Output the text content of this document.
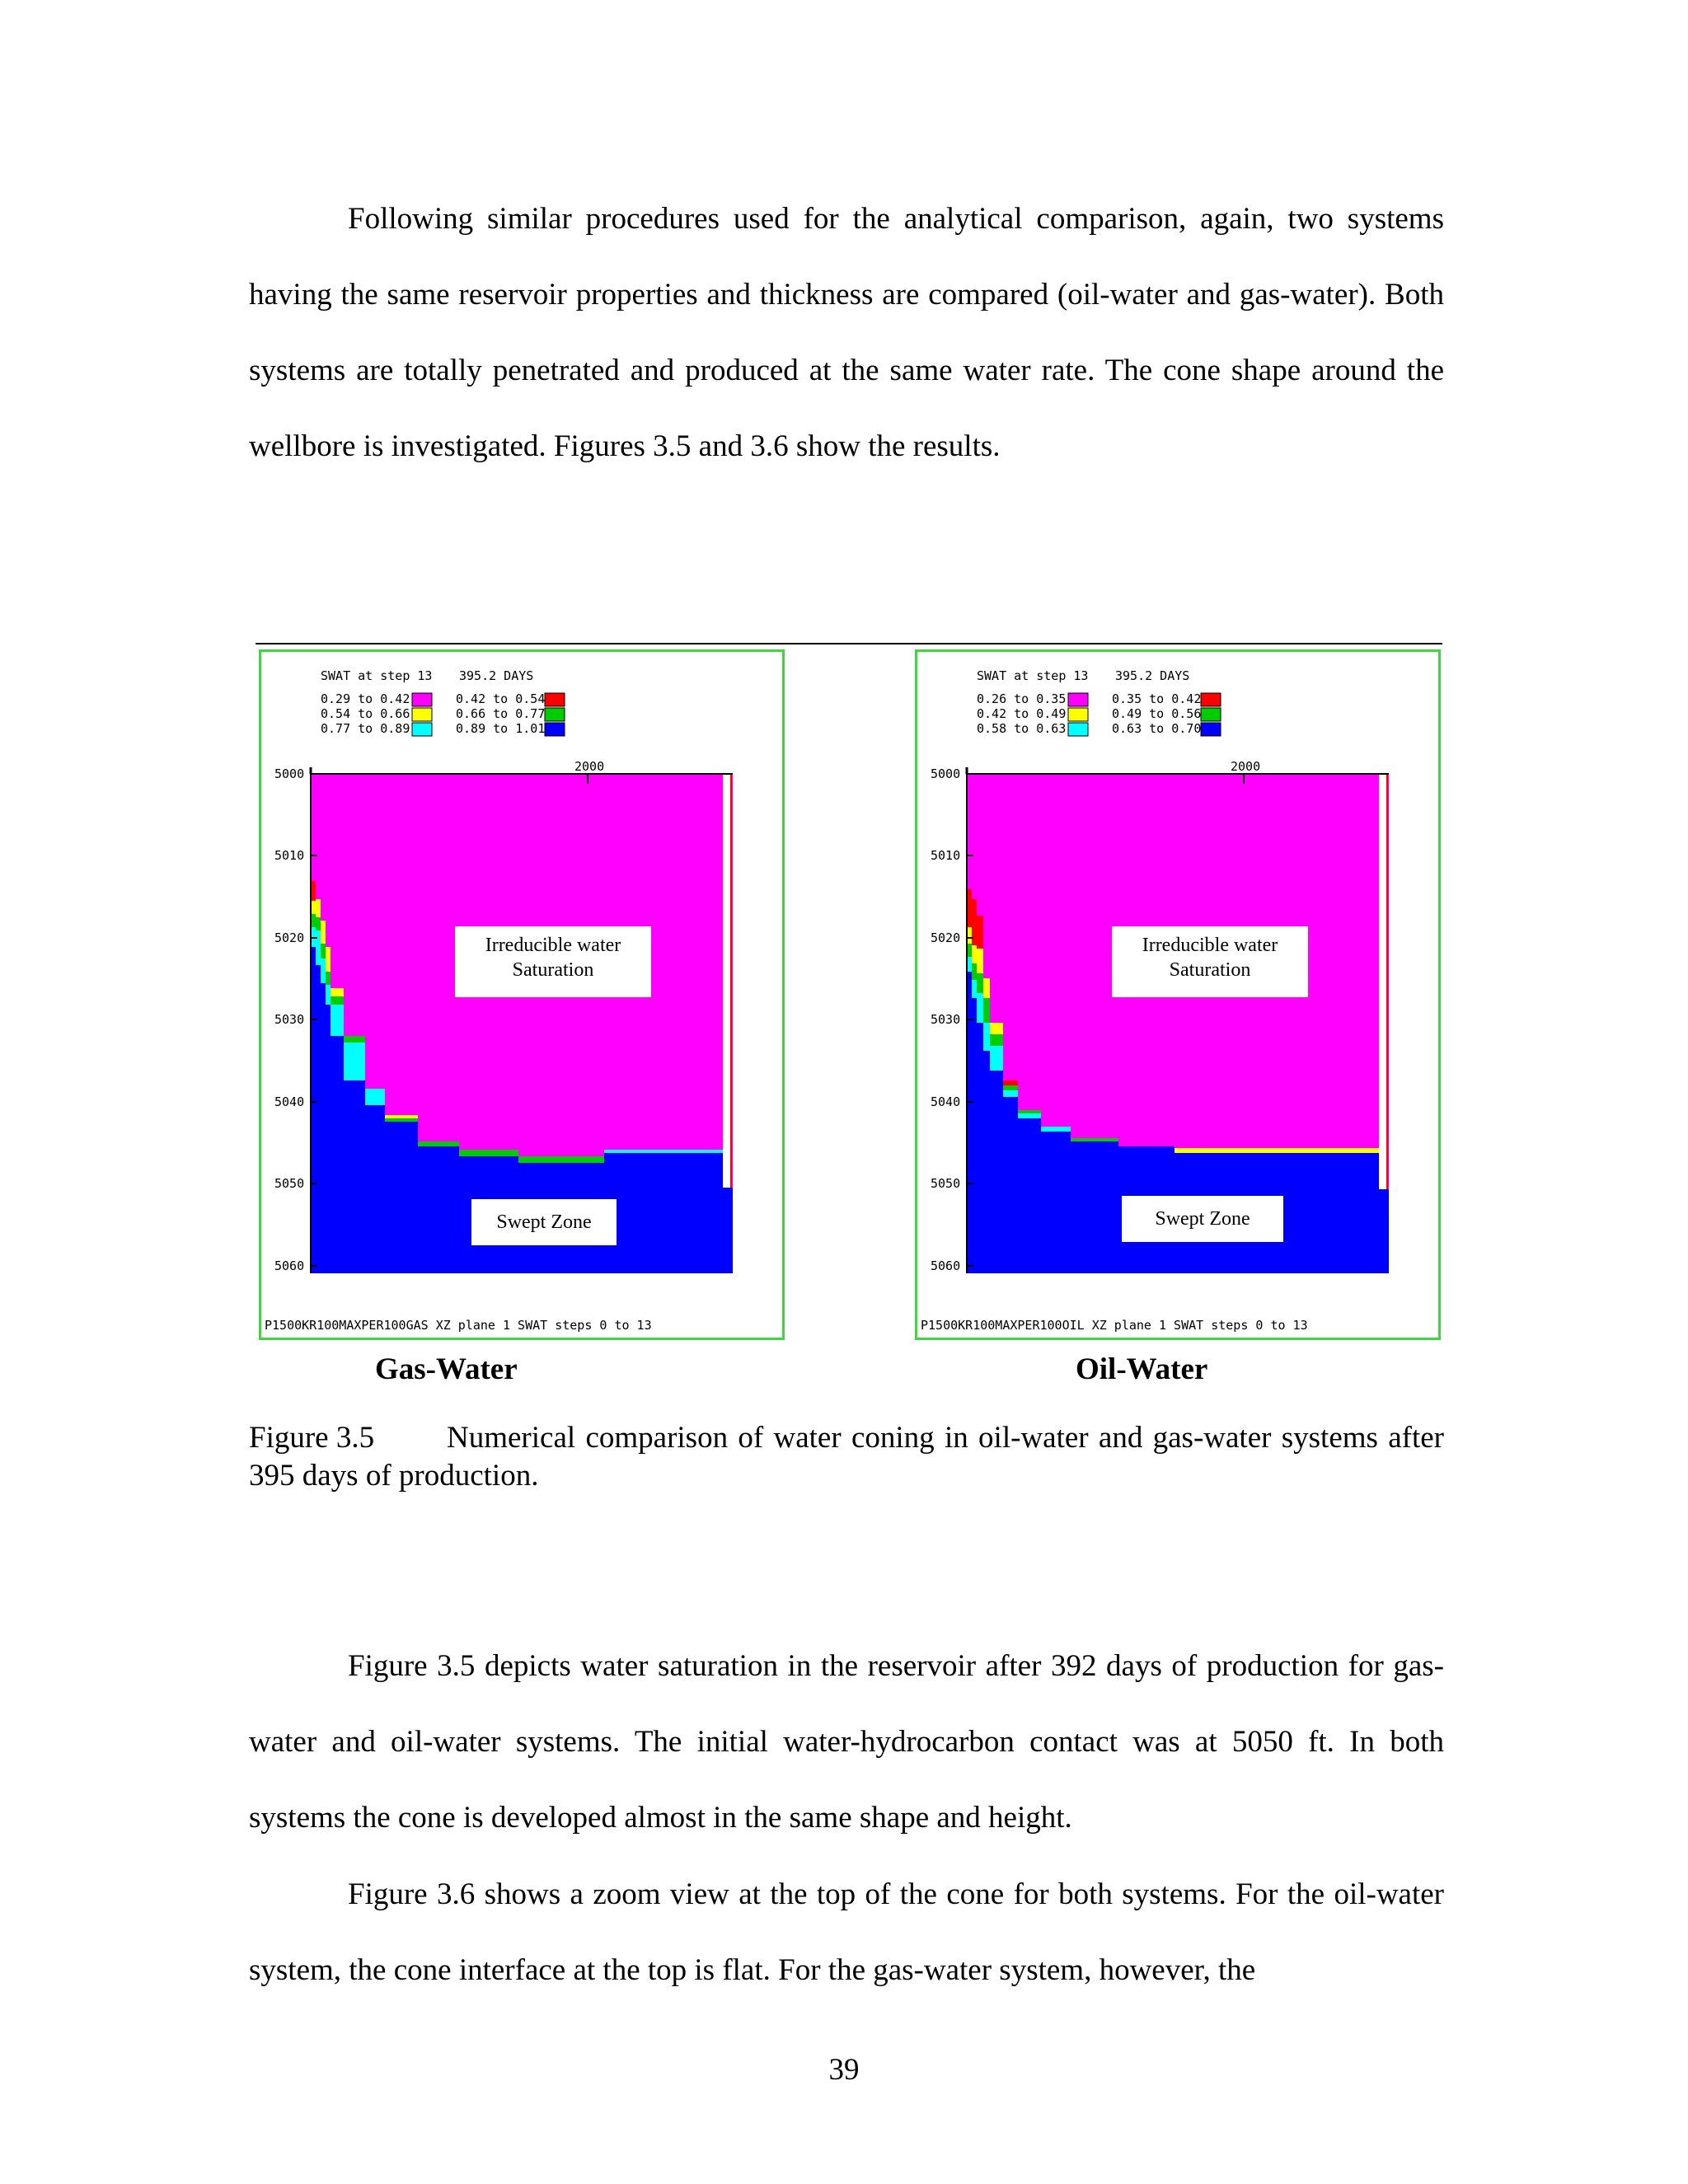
Following similar procedures used for the analytical comparison, again, two systems having the same reservoir properties and thickness are compared (oil-water and gas-water). Both systems are totally penetrated and produced at the same water rate. The cone shape around the wellbore is investigated. Figures 3.5 and 3.6 show the results.

SWAT at step 13 395.2 DAYS
0.29 to 0.42	0.42 to 0.54
0.54 to 0.66	0.66 to 0.77
0.77 to 0.89	0.89 to 1.01
2000
5000
5010
5020
5030
5040
5050
5060
P1500KR100MAXPER100GAS XZ plane 1 SWAT steps 0 to 13
Irreducible water
Saturation
Swept Zone
SWAT at step 13 395.2 DAYS
0.26 to 0.35	0.35 to 0.42
0.42 to 0.49	0.49 to 0.56
0.58 to 0.63	0.63 to 0.70
2000
5000
5010
5020
5030
5040
5050
5060
P1500KR100MAXPER100OIL XZ plane 1 SWAT steps 0 to 13
Irreducible water
Saturation
Swept Zone
Gas-Water	Oil-Water

Figure 3.5 Numerical comparison of water coning in oil-water and gas-water systems after 395 days of production.

Figure 3.5 depicts water saturation in the reservoir after 392 days of production for gas-water and oil-water systems. The initial water-hydrocarbon contact was at 5050 ft. In both systems the cone is developed almost in the same shape and height.

Figure 3.6 shows a zoom view at the top of the cone for both systems. For the oil-water system, the cone interface at the top is flat. For the gas-water system, however, the

39
